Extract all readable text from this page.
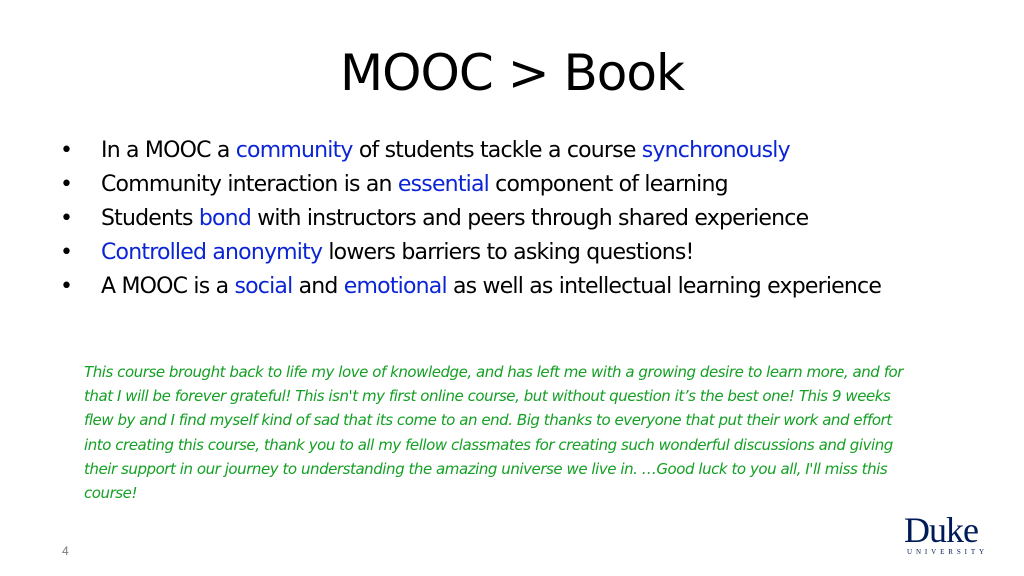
MOOC > Book
• In a MOOC a community of students tackle a course synchronously
• Community interaction is an essential component of learning
• Students bond with instructors and peers through shared experience
• Controlled anonymity lowers barriers to asking questions!
• A MOOC is a social and emotional as well as intellectual learning experience
This course brought back to life my love of knowledge, and has left me with a growing desire to learn more, and for that I will be forever grateful! This isn't my first online course, but without question it’s the best one! This 9 weeks flew by and I find myself kind of sad that its come to an end. Big thanks to everyone that put their work and effort into creating this course, thank you to all my fellow classmates for creating such wonderful discussions and giving their support in our journey to understanding the amazing universe we live in. …Good luck to you all, I'll miss this course!
4
Duke
UNIVERSITY
